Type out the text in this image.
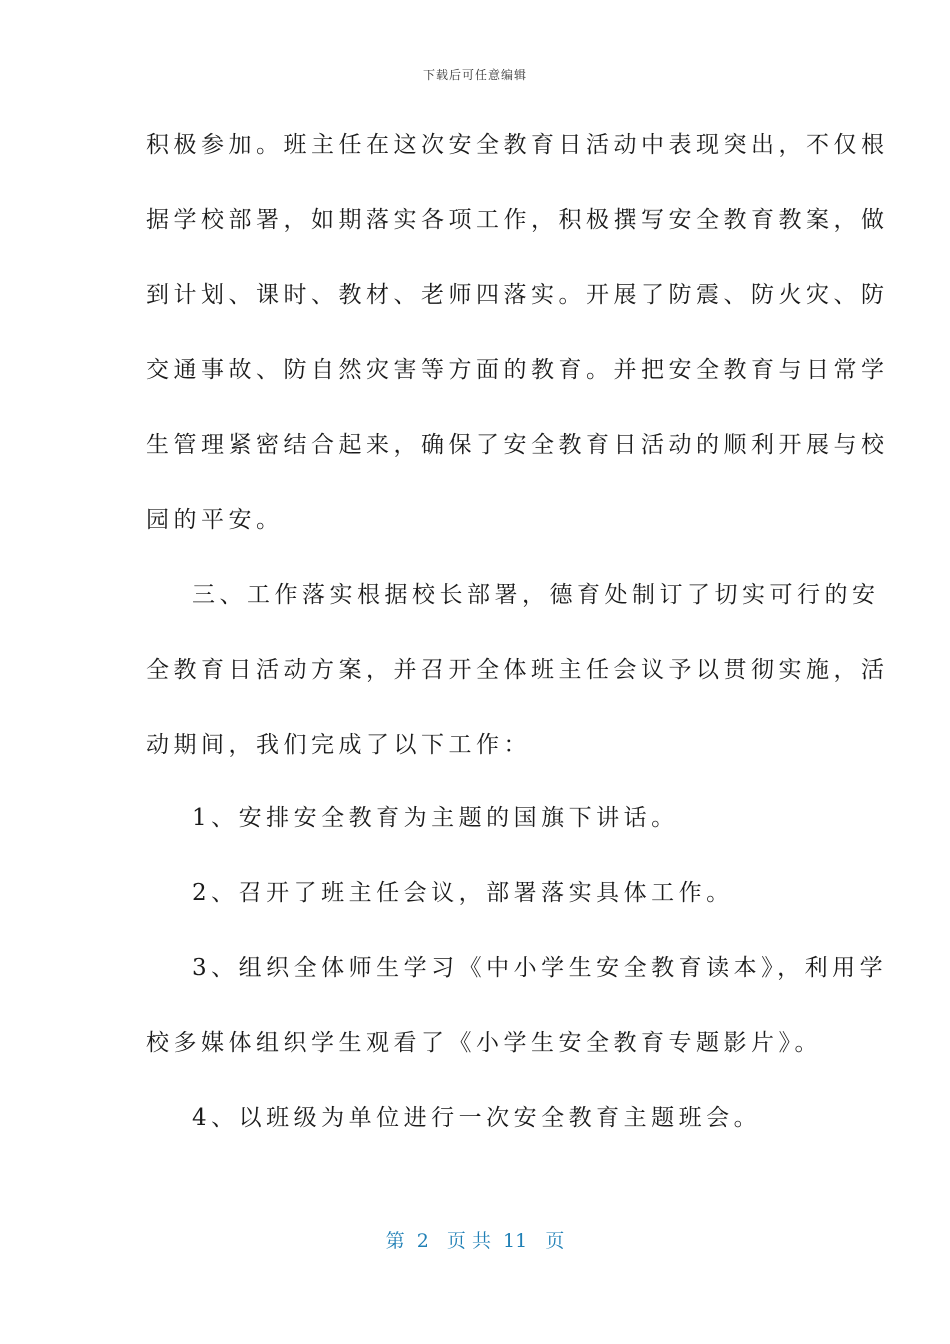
下载后可任意编辑
积极参加。班主任在这次安全教育日活动中表现突出，不仅根
据学校部署，如期落实各项工作，积极撰写安全教育教案，做
到计划、课时、教材、老师四落实。开展了防震、防火灾、防
交通事故、防自然灾害等方面的教育。并把安全教育与日常学
生管理紧密结合起来，确保了安全教育日活动的顺利开展与校
园的平安。
三、工作落实根据校长部署，德育处制订了切实可行的安
全教育日活动方案，并召开全体班主任会议予以贯彻实施，活
动期间，我们完成了以下工作：
1、安排安全教育为主题的国旗下讲话。
2、召开了班主任会议，部署落实具体工作。
3、组织全体师生学习《中小学生安全教育读本》，利用学
校多媒体组织学生观看了《小学生安全教育专题影片》。
4、以班级为单位进行一次安全教育主题班会。
第  2   页 共  11   页
